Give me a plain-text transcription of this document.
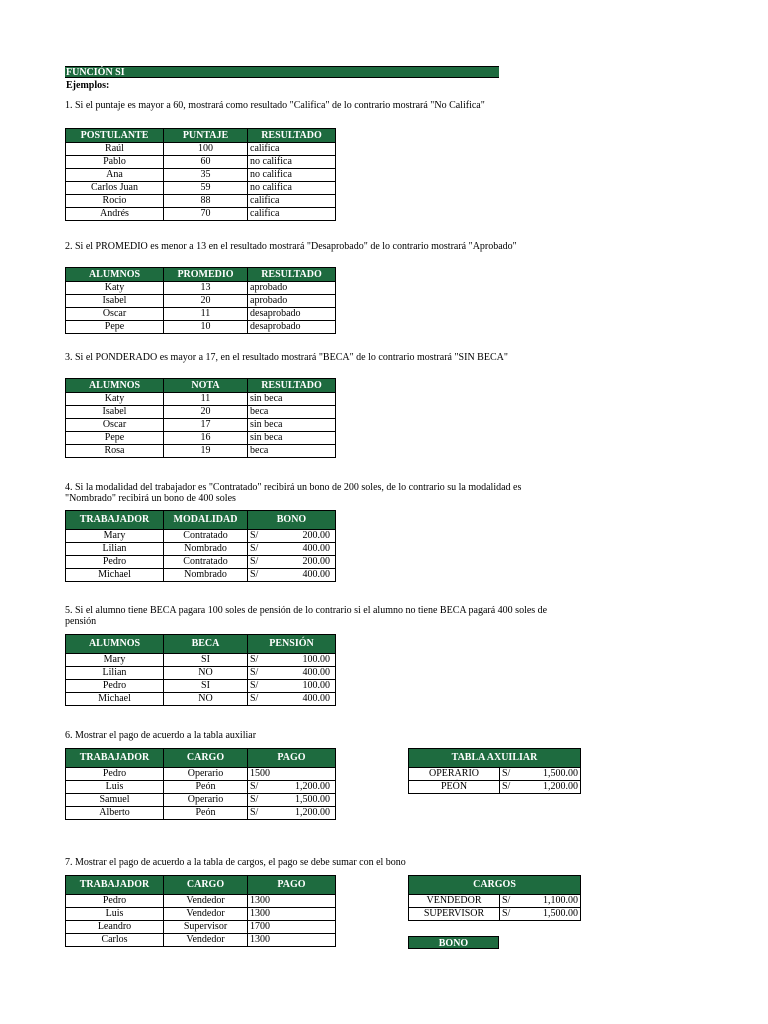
FUNCIÓN SI
Ejemplos:
1. Si el puntaje es mayor a 60, mostrará como resultado "Califica" de lo contrario mostrará "No Califica"
POSTULANTE	PUNTAJE	RESULTADO
Raúl	100	califica
Pablo	60	no califica
Ana	35	no califica
Carlos Juan	59	no califica
Rocio	88	califica
Andrés	70	califica
2. Si el PROMEDIO es menor a 13 en el resultado mostrará "Desaprobado" de lo contrario mostrará "Aprobado"
ALUMNOS	PROMEDIO	RESULTADO
Katy	13	aprobado
Isabel	20	aprobado
Oscar	11	desaprobado
Pepe	10	desaprobado
3. Si el PONDERADO es mayor a 17, en el resultado mostrará "BECA" de lo contrario mostrará "SIN BECA"
ALUMNOS	NOTA	RESULTADO
Katy	11	sin beca
Isabel	20	beca
Oscar	17	sin beca
Pepe	16	sin beca
Rosa	19	beca
4. Si la modalidad del trabajador es "Contratado" recibirá un bono de 200 soles, de lo contrario su la modalidad es
"Nombrado" recibirá un bono de 400 soles
TRABAJADOR	MODALIDAD	BONO
Mary	Contratado	S/ 200.00

Lilian	Nombrado	S/ 400.00

Pedro	Contratado	S/ 200.00

Michael	Nombrado	S/ 400.00
5. Si el alumno tiene BECA pagara 100 soles de pensión de lo contrario si el alumno no tiene BECA pagará 400 soles de
pensión
ALUMNOS	BECA	PENSIÓN
Mary	SI	S/ 100.00

Lilian	NO	S/ 400.00

Pedro	SI	S/ 100.00

Michael	NO	S/ 400.00
6. Mostrar el pago de acuerdo a la tabla auxiliar
TRABAJADOR	CARGO	PAGO
Pedro	Operario	1500
Luis	Peón	S/ 1,200.00

Samuel	Operario	S/ 1,500.00

Alberto	Peón	S/ 1,200.00
TABLA AXUILIAR		
OPERARIO	S/	1,500.00
PEÓN	S/	1,200.00
7. Mostrar el pago de acuerdo a la tabla de cargos, el pago se debe sumar con el bono
TRABAJADOR	CARGO	PAGO
Pedro	Vendedor	1300
Luis	Vendedor	1300
Leandro	Supervisor	1700
Carlos	Vendedor	1300
CARGOS		
VENDEDOR	S/	1,100.00
SUPERVISOR	S/	1,500.00
BONO
